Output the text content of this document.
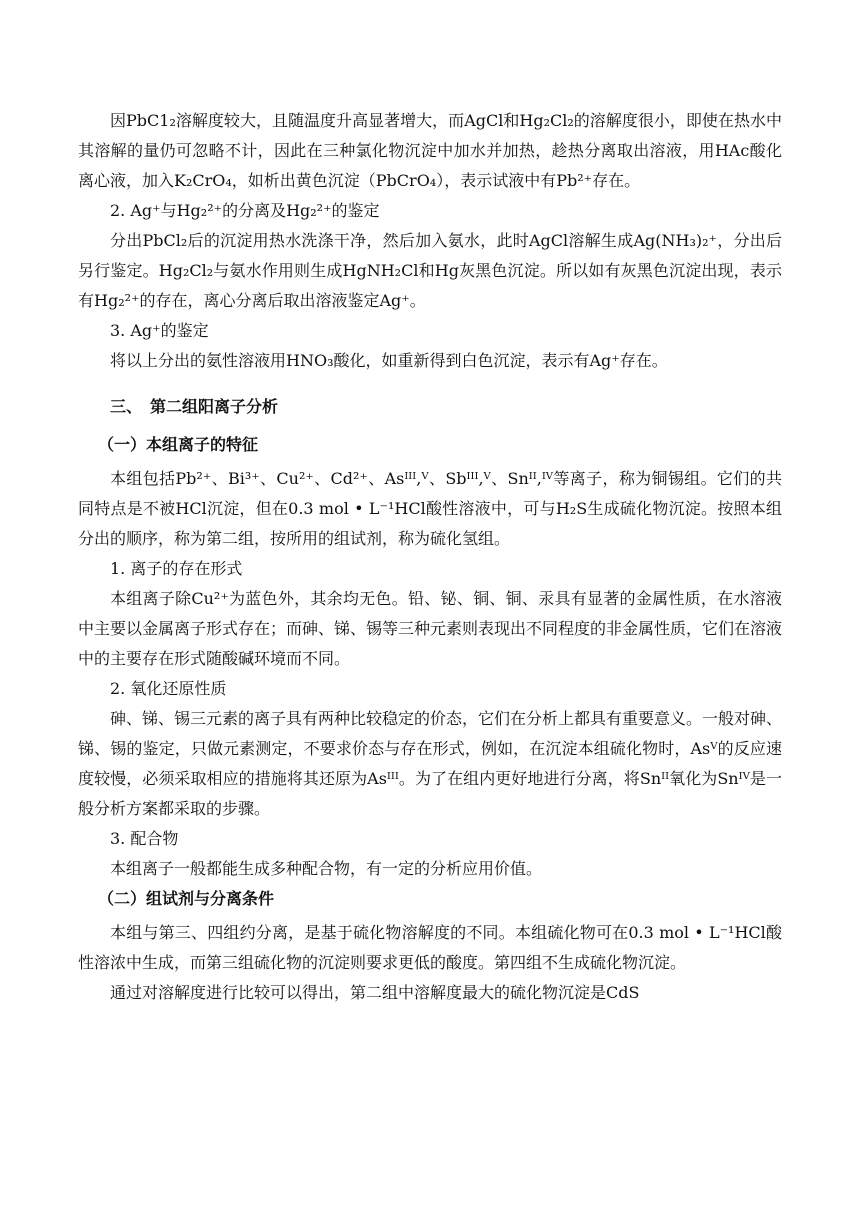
因PbC1₂溶解度较大，且随温度升高显著增大，而AgCl和Hg₂Cl₂的溶解度很小，即使在热水中其溶解的量仍可忽略不计，因此在三种氯化物沉淀中加水并加热，趁热分离取出溶液，用HAc酸化离心液，加入K₂CrO₄，如析出黄色沉淀（PbCrO₄），表示试液中有Pb²⁺存在。

2. Ag⁺与Hg₂²⁺的分离及Hg₂²⁺的鉴定

分出PbCl₂后的沉淀用热水洗涤干净，然后加入氨水，此时AgCl溶解生成Ag(NH₃)₂⁺，分出后另行鉴定。Hg₂Cl₂与氨水作用则生成HgNH₂Cl和Hg灰黑色沉淀。所以如有灰黑色沉淀出现，表示有Hg₂²⁺的存在，离心分离后取出溶液鉴定Ag⁺。

3. Ag⁺的鉴定

将以上分出的氨性溶液用HNO₃酸化，如重新得到白色沉淀，表示有Ag⁺存在。

三、　第二组阳离子分析

（一）本组离子的特征

本组包括Pb²⁺、Bi³⁺、Cu²⁺、Cd²⁺、Asᴵᴵᴵ,ⱽ、Sbᴵᴵᴵ,ⱽ、Snᴵᴵ,ᴵⱽ等离子，称为铜锡组。它们的共同特点是不被HCl沉淀，但在0.3 mol • L⁻¹HCl酸性溶液中，可与H₂S生成硫化物沉淀。按照本组分出的顺序，称为第二组，按所用的组试剂，称为硫化氢组。

1. 离子的存在形式

本组离子除Cu²⁺为蓝色外，其余均无色。铅、铋、铜、铜、汞具有显著的金属性质，在水溶液中主要以金属离子形式存在；而砷、锑、锡等三种元素则表现出不同程度的非金属性质，它们在溶液中的主要存在形式随酸碱环境而不同。

2. 氧化还原性质

砷、锑、锡三元素的离子具有两种比较稳定的价态，它们在分析上都具有重要意义。一般对砷、锑、锡的鉴定，只做元素测定，不要求价态与存在形式，例如，在沉淀本组硫化物时，Asⱽ的反应速度较慢，必须采取相应的措施将其还原为Asᴵᴵᴵ。为了在组内更好地进行分离，将Snᴵᴵ氧化为Snᴵⱽ是一般分析方案都采取的步骤。

3. 配合物

本组离子一般都能生成多种配合物，有一定的分析应用价值。

（二）组试剂与分离条件

本组与第三、四组约分离，是基于硫化物溶解度的不同。本组硫化物可在0.3 mol • L⁻¹HCl酸性溶浓中生成，而第三组硫化物的沉淀则要求更低的酸度。第四组不生成硫化物沉淀。

通过对溶解度进行比较可以得出，第二组中溶解度最大的硫化物沉淀是CdS
